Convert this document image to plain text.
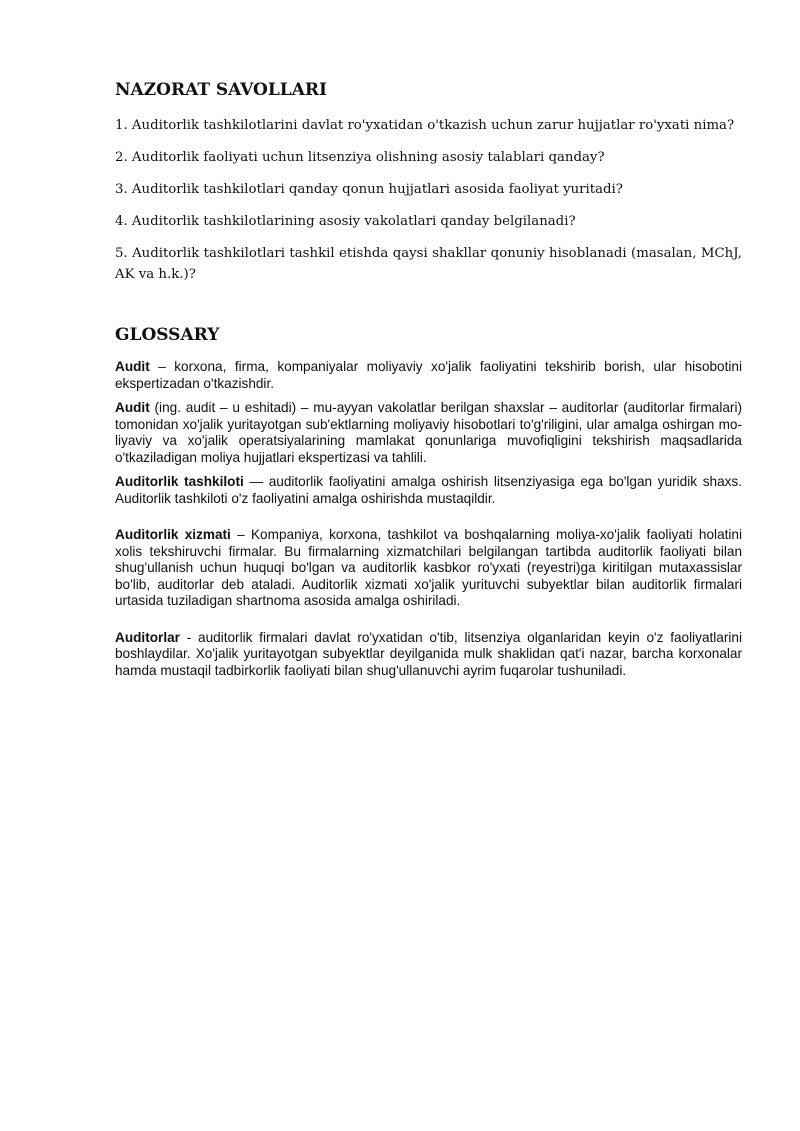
NAZORAT SAVOLLARI

1. Auditorlik tashkilotlarini davlat ro'yxatidan o'tkazish uchun zarur hujjatlar ro'yxati nima?

2. Auditorlik faoliyati uchun litsenziya olishning asosiy talablari qanday?

3. Auditorlik tashkilotlari qanday qonun hujjatlari asosida faoliyat yuritadi?

4. Auditorlik tashkilotlarining asosiy vakolatlari qanday belgilanadi?

5. Auditorlik tashkilotlari tashkil etishda qaysi shakllar qonuniy hisoblanadi (masalan, MChJ, AK va h.k.)?

GLOSSARY

Audit – korxona, firma, kompaniyalar moliyaviy xo'jalik faoliyatini tekshirib borish, ular hisobotini ekspertizadan o'tkazishdir.

Audit (ing. audit – u eshitadi) – mu-ayyan vakolatlar berilgan shaxslar – auditorlar (auditorlar firmalari) tomonidan xo'jalik yuritayotgan sub'ektlarning moliyaviy hisobotlari to'g'riligini, ular amalga oshirgan mo-liyaviy va xo'jalik operatsiyalarining mamlakat qonunlariga muvofiqligini tekshirish maqsadlarida o'tkaziladigan moliya hujjatlari ekspertizasi va tahlili.

Auditorlik tashkiloti — auditorlik faoliyatini amalga oshirish litsenziyasiga ega bo'lgan yuridik shaxs. Auditorlik tashkiloti o'z faoliyatini amalga oshirishda mustaqildir.

Auditorlik xizmati – Kompaniya, korxona, tashkilot va boshqalarning moliya-xo'jalik faoliyati holatini xolis tekshiruvchi firmalar. Bu firmalarning xizmatchilari belgilangan tartibda auditorlik faoliyati bilan shug'ullanish uchun huquqi bo'lgan va auditorlik kasbkor ro'yxati (reyestri)ga kiritilgan mutaxassislar bo'lib, auditorlar deb ataladi. Auditorlik xizmati xo'jalik yurituvchi subyektlar bilan auditorlik firmalari urtasida tuziladigan shartnoma asosida amalga oshiriladi.

Auditorlar - auditorlik firmalari davlat ro'yxatidan o'tib, litsenziya olganlaridan keyin o'z faoliyatlarini boshlaydilar. Xo'jalik yuritayotgan subyektlar deyilganida mulk shaklidan qat'i nazar, barcha korxonalar hamda mustaqil tadbirkorlik faoliyati bilan shug'ullanuvchi ayrim fuqarolar tushuniladi.
